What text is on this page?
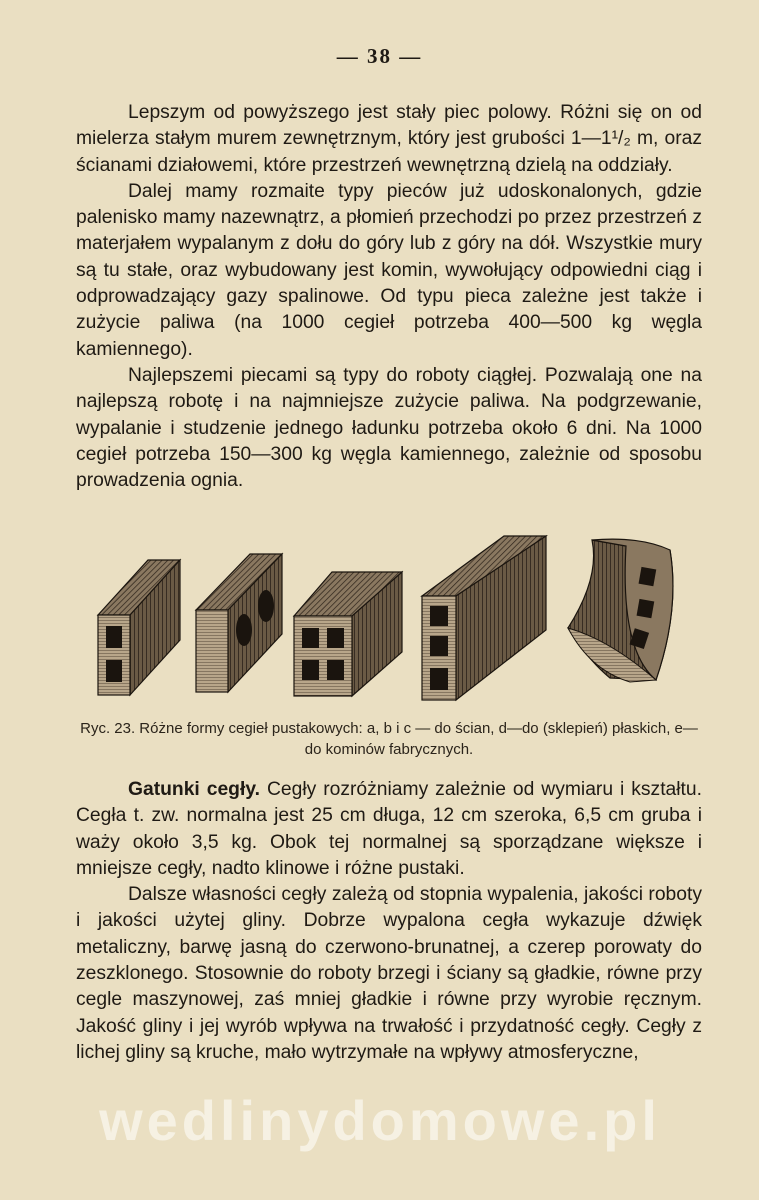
— 38 —

Lepszym od powyższego jest stały piec polowy. Różni się on od mielerza stałym murem zewnętrznym, który jest grubości 1—1¹/₂ m, oraz ścianami działowemi, które przestrzeń wewnętrzną dzielą na oddziały.

Dalej mamy rozmaite typy pieców już udoskonalonych, gdzie palenisko mamy nazewnątrz, a płomień przechodzi po przez przestrzeń z materjałem wypalanym z dołu do góry lub z góry na dół. Wszystkie mury są tu stałe, oraz wybudowany jest komin, wywołujący odpowiedni ciąg i odprowadzający gazy spalinowe. Od typu pieca zależne jest także i zużycie paliwa (na 1000 cegieł potrzeba 400—500 kg węgla kamiennego).

Najlepszemi piecami są typy do roboty ciągłej. Pozwalają one na najlepszą robotę i na najmniejsze zużycie paliwa. Na podgrzewanie, wypalanie i studzenie jednego ładunku potrzeba około 6 dni. Na 1000 cegieł potrzeba 150—300 kg węgla kamiennego, zależnie od sposobu prowadzenia ognia.

Ryc. 23. Różne formy cegieł pustakowych: a, b i c — do ścian, d—do (sklepień) płaskich, e—do kominów fabrycznych.

Gatunki cegły. Cegły rozróżniamy zależnie od wymiaru i kształtu. Cegła t. zw. normalna jest 25 cm długa, 12 cm szeroka, 6,5 cm gruba i waży około 3,5 kg. Obok tej normalnej są sporządzane większe i mniejsze cegły, nadto klinowe i różne pustaki.

Dalsze własności cegły zależą od stopnia wypalenia, jakości roboty i jakości użytej gliny. Dobrze wypalona cegła wykazuje dźwięk metaliczny, barwę jasną do czerwono-brunatnej, a czerep porowaty do zeszklonego. Stosownie do roboty brzegi i ściany są gładkie, równe przy cegle maszynowej, zaś mniej gładkie i równe przy wyrobie ręcznym. Jakość gliny i jej wyrób wpływa na trwałość i przydatność cegły. Cegły z lichej gliny są kruche, mało wytrzymałe na wpływy atmosferyczne,

wedlinydomowe.pl
